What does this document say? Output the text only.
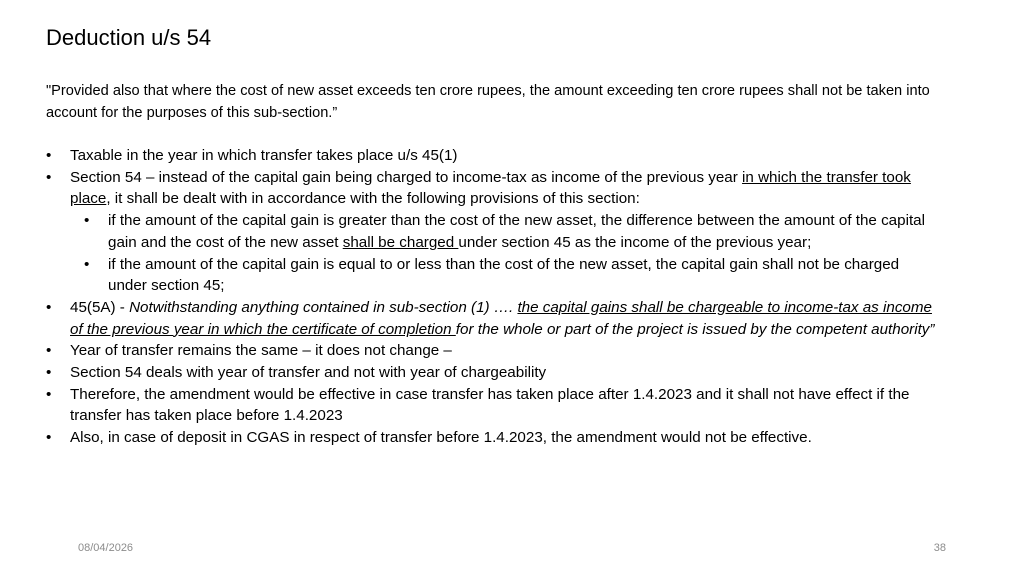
Deduction u/s 54
"Provided also that where the cost of new asset exceeds ten crore rupees, the amount exceeding ten crore rupees shall not be taken into account for the purposes of this sub-section.”
• Taxable in the year in which transfer takes place u/s 45(1)
• Section 54 – instead of the capital gain being charged to income-tax as income of the previous year in which the transfer took place, it shall be dealt with in accordance with the following provisions of this section:
• if the amount of the capital gain is greater than the cost of the new asset, the difference between the amount of the capital gain and the cost of the new asset shall be charged under section 45 as the income of the previous year;
• if the amount of the capital gain is equal to or less than the cost of the new asset, the capital gain shall not be charged under section 45;
• 45(5A) - Notwithstanding anything contained in sub-section (1) …. the capital gains shall be chargeable to income-tax as income of the previous year in which the certificate of completion for the whole or part of the project is issued by the competent authority”
• Year of transfer remains the same – it does not change –
• Section 54 deals with year of transfer and not with year of chargeability
• Therefore, the amendment would be effective in case transfer has taken place after 1.4.2023 and it shall not have effect if the transfer has taken place before 1.4.2023
• Also, in case of deposit in CGAS in respect of transfer before 1.4.2023, the amendment would not be effective.
08/04/2026	38
